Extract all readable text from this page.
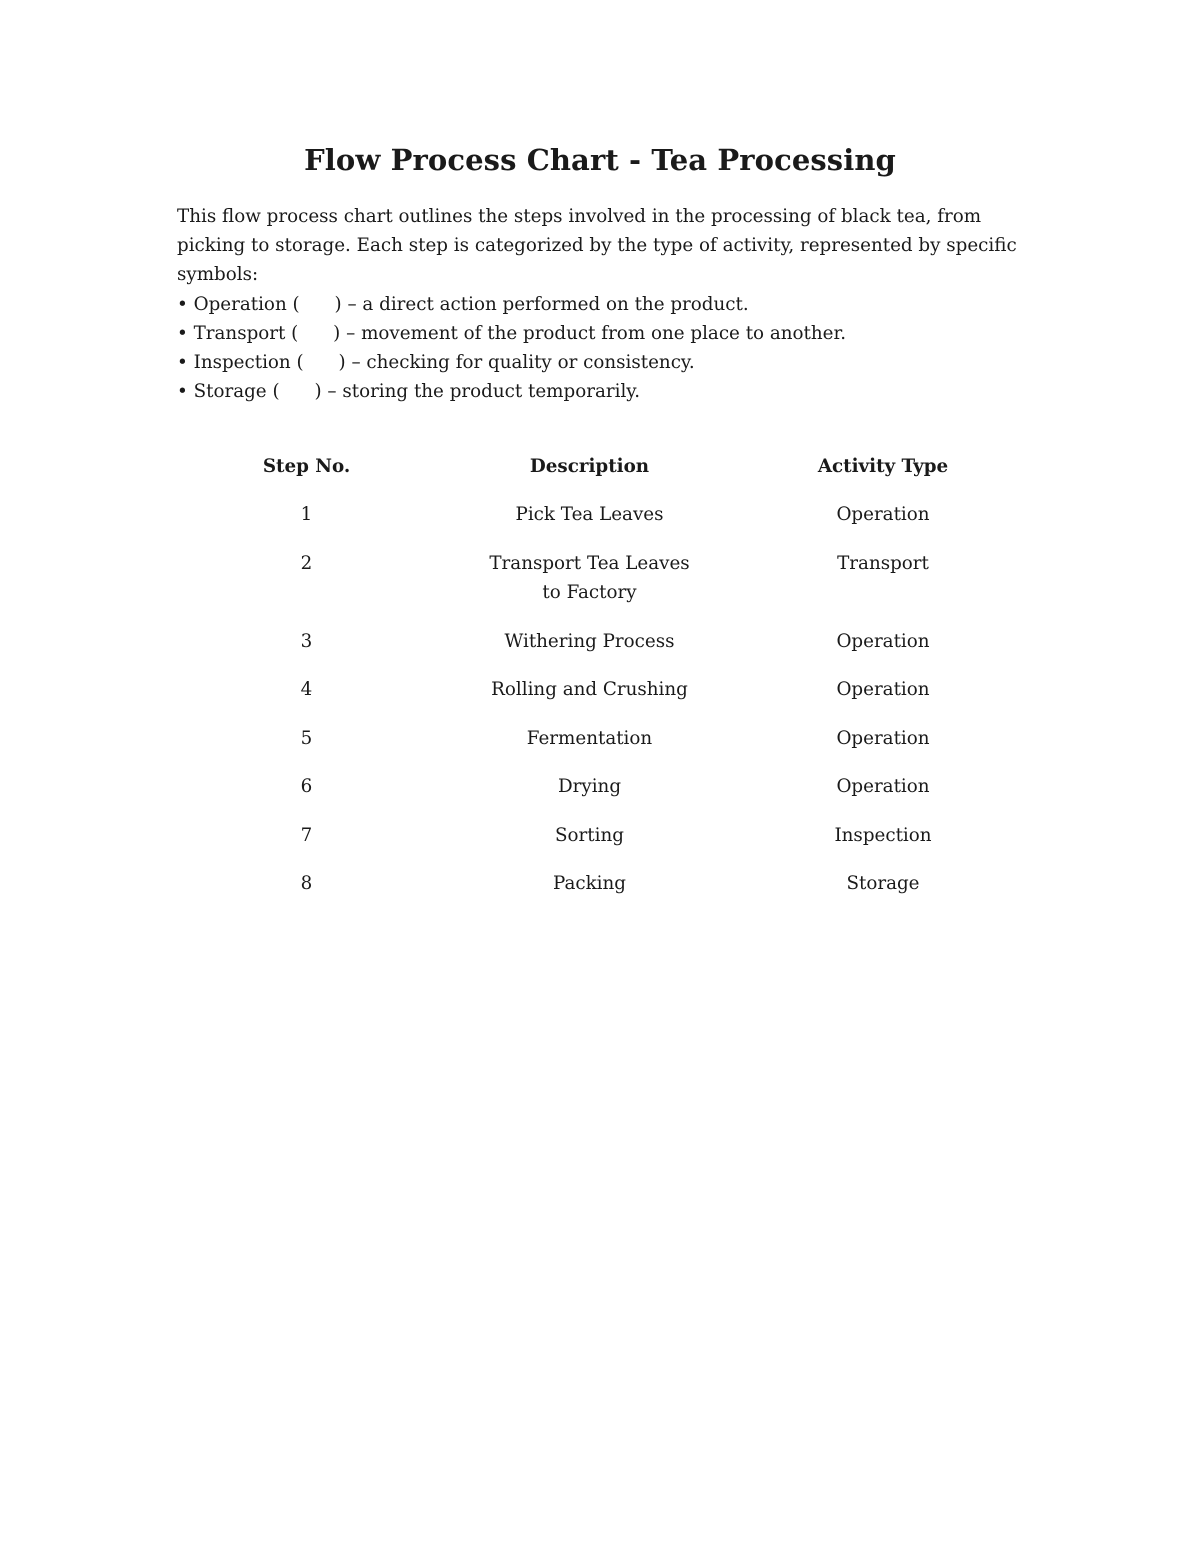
Flow Process Chart - Tea Processing

This flow process chart outlines the steps involved in the processing of black tea, from picking to storage. Each step is categorized by the type of activity, represented by specific symbols:

• Operation (      ) – a direct action performed on the product.

• Transport (      ) – movement of the product from one place to another.

• Inspection (      ) – checking for quality or consistency.

• Storage (      ) – storing the product temporarily.

Step No.	Description	Activity Type
1	Pick Tea Leaves	Operation
2	Transport Tea Leaves to Factory	Transport
3	Withering Process	Operation
4	Rolling and Crushing	Operation
5	Fermentation	Operation
6	Drying	Operation
7	Sorting	Inspection
8	Packing	Storage
